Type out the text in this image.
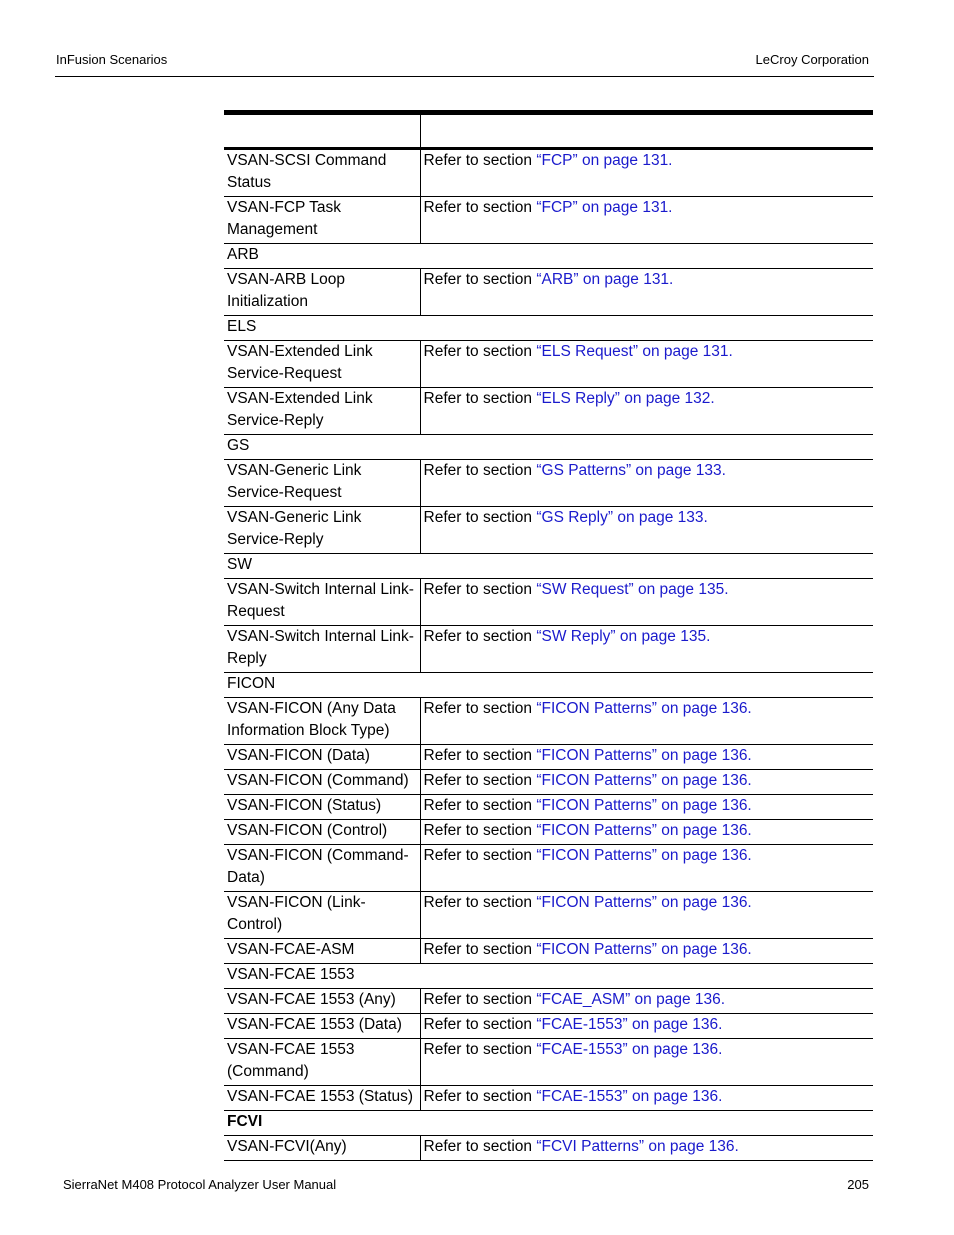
InFusion Scenarios	LeCroy Corporation

VSAN-SCSI Command Status	Refer to section “FCP” on page 131.
VSAN-FCP Task Management	Refer to section “FCP” on page 131.
ARB	
VSAN-ARB Loop Initialization	Refer to section “ARB” on page 131.
ELS	
VSAN-Extended Link Service-Request	Refer to section “ELS Request” on page 131.
VSAN-Extended Link Service-Reply	Refer to section “ELS Reply” on page 132.
GS	
VSAN-Generic Link Service-Request	Refer to section “GS Patterns” on page 133.
VSAN-Generic Link Service-Reply	Refer to section “GS Reply” on page 133.
SW	
VSAN-Switch Internal Link-Request	Refer to section “SW Request” on page 135.
VSAN-Switch Internal Link-Reply	Refer to section “SW Reply” on page 135.
FICON	
VSAN-FICON (Any Data Information Block Type)	Refer to section “FICON Patterns” on page 136.
VSAN-FICON (Data)	Refer to section “FICON Patterns” on page 136.
VSAN-FICON (Command)	Refer to section “FICON Patterns” on page 136.
VSAN-FICON (Status)	Refer to section “FICON Patterns” on page 136.
VSAN-FICON (Control)	Refer to section “FICON Patterns” on page 136.
VSAN-FICON (Command-Data)	Refer to section “FICON Patterns” on page 136.
VSAN-FICON (Link-Control)	Refer to section “FICON Patterns” on page 136.
VSAN-FCAE-ASM	Refer to section “FICON Patterns” on page 136.
VSAN-FCAE 1553	
VSAN-FCAE 1553 (Any)	Refer to section “FCAE_ASM” on page 136.
VSAN-FCAE 1553 (Data)	Refer to section “FCAE-1553” on page 136.
VSAN-FCAE 1553 (Command)	Refer to section “FCAE-1553” on page 136.
VSAN-FCAE 1553 (Status)	Refer to section “FCAE-1553” on page 136.
FCVI	
VSAN-FCVI(Any)	Refer to section “FCVI Patterns” on page 136.
SierraNet M408 Protocol Analyzer User Manual	205
